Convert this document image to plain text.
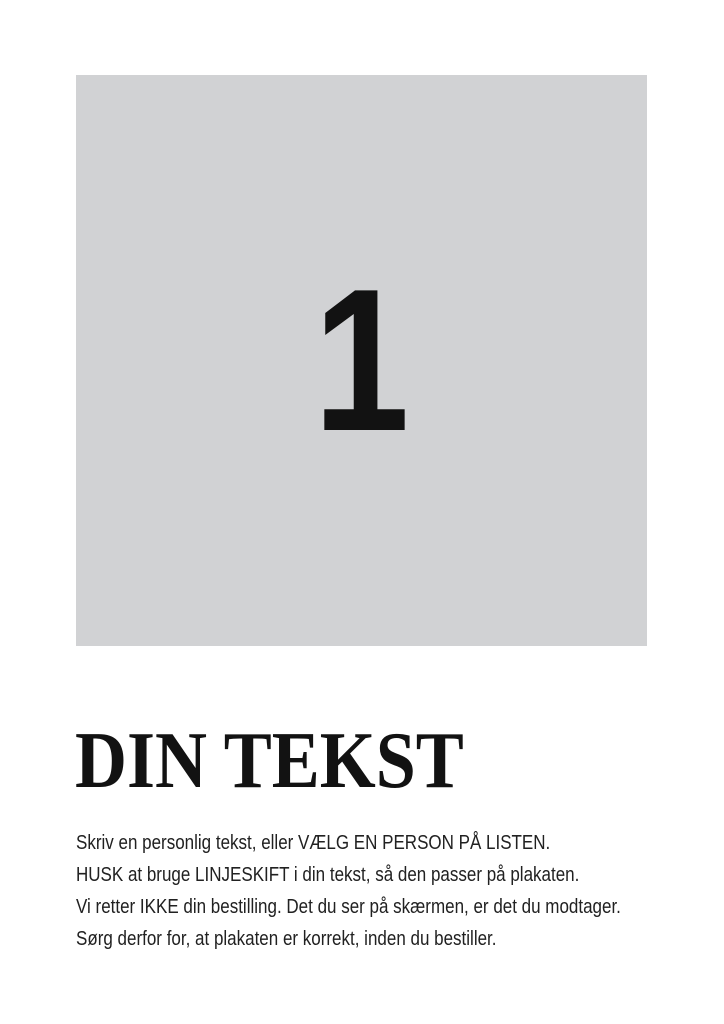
1
DIN TEKST

Skriv en personlig tekst, eller VÆLG EN PERSON PÅ LISTEN.

HUSK at bruge LINJESKIFT i din tekst, så den passer på plakaten.

Vi retter IKKE din bestilling. Det du ser på skærmen, er det du modtager.

Sørg derfor for, at plakaten er korrekt, inden du bestiller.
